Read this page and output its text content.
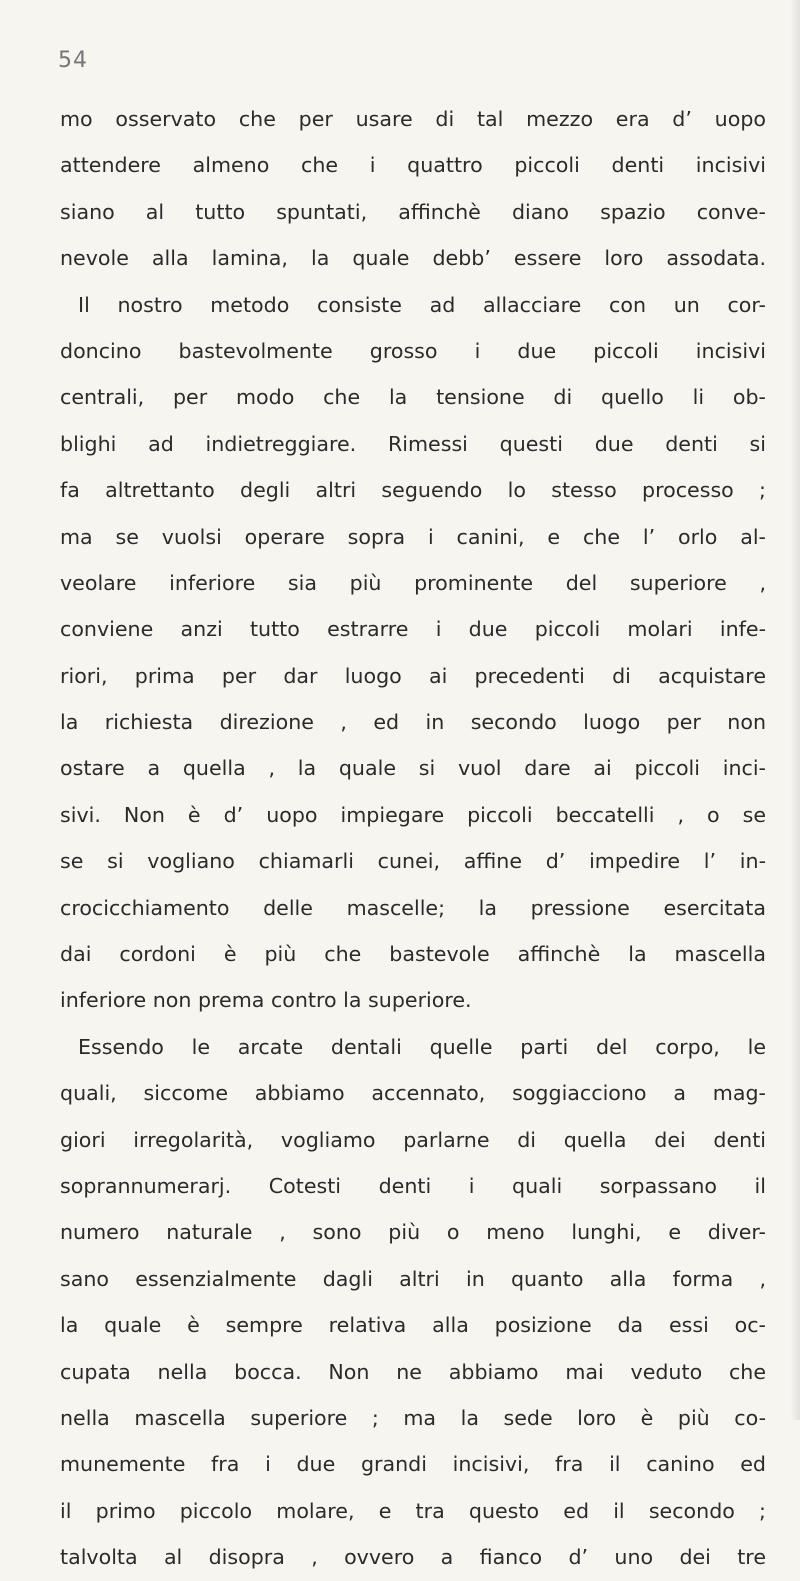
54
mo osservato che per usare di tal mezzo era d’ uopo
attendere almeno che i quattro piccoli denti incisivi
siano al tutto spuntati, affinchè diano spazio conve-
nevole alla lamina, la quale debb’ essere loro assodata.
Il nostro metodo consiste ad allacciare con un cor-
doncino bastevolmente grosso i due piccoli incisivi
centrali, per modo che la tensione di quello li ob-
blighi ad indietreggiare. Rimessi questi due denti si
fa altrettanto degli altri seguendo lo stesso processo ;
ma se vuolsi operare sopra i canini, e che l’ orlo al-
veolare inferiore sia più prominente del superiore ,
conviene anzi tutto estrarre i due piccoli molari infe-
riori, prima per dar luogo ai precedenti di acquistare
la richiesta direzione , ed in secondo luogo per non
ostare a quella , la quale si vuol dare ai piccoli inci-
sivi. Non è d’ uopo impiegare piccoli beccatelli , o se
se si vogliano chiamarli cunei, affine d’ impedire l’ in-
crocicchiamento delle mascelle; la pressione esercitata
dai cordoni è più che bastevole affinchè la mascella
inferiore non prema contro la superiore.
Essendo le arcate dentali quelle parti del corpo, le
quali, siccome abbiamo accennato, soggiacciono a mag-
giori irregolarità, vogliamo parlarne di quella dei denti
soprannumerarj. Cotesti denti i quali sorpassano il
numero naturale , sono più o meno lunghi, e diver-
sano essenzialmente dagli altri in quanto alla forma ,
la quale è sempre relativa alla posizione da essi oc-
cupata nella bocca. Non ne abbiamo mai veduto che
nella mascella superiore ; ma la sede loro è più co-
munemente fra i due grandi incisivi, fra il canino ed
il primo piccolo molare, e tra questo ed il secondo ;
talvolta al disopra , ovvero a fianco d’ uno dei tre
